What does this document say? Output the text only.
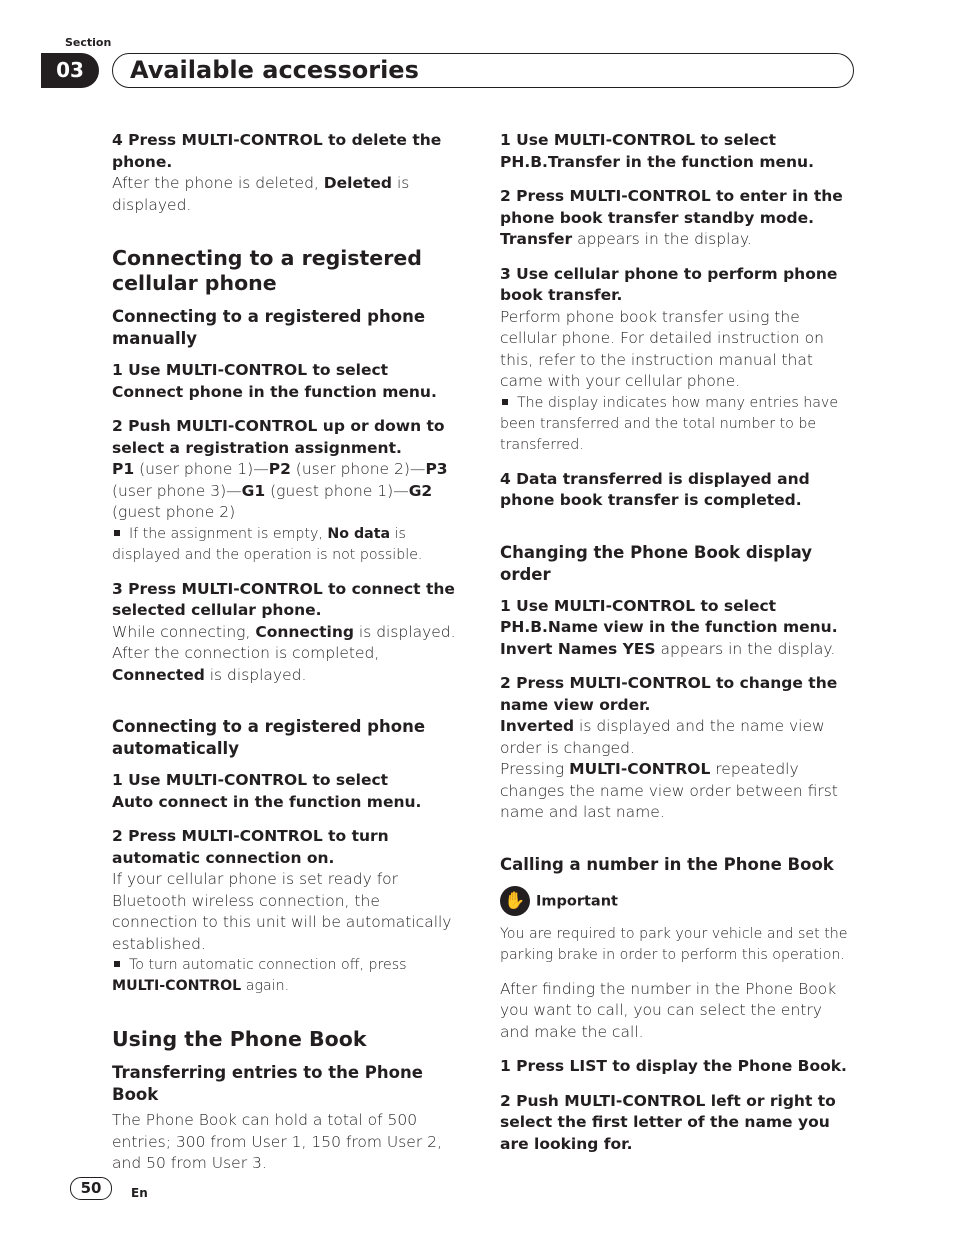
Section
03	Available accessories

4 Press MULTI-CONTROL to delete the phone.

After the phone is deleted, Deleted is displayed.

Connecting to a registered cellular phone

Connecting to a registered phone manually

1 Use MULTI-CONTROL to select
Connect phone in the function menu.

2 Push MULTI-CONTROL up or down to select a registration assignment.

P1 (user phone 1)—P2 (user phone 2)—P3 (user phone 3)—G1 (guest phone 1)—G2 (guest phone 2)

If the assignment is empty, No data is displayed and the operation is not possible.

3 Press MULTI-CONTROL to connect the selected cellular phone.

While connecting, Connecting is displayed. After the connection is completed, Connected is displayed.

Connecting to a registered phone automatically

1 Use MULTI-CONTROL to select
Auto connect in the function menu.

2 Press MULTI-CONTROL to turn automatic connection on.

If your cellular phone is set ready for Bluetooth wireless connection, the connection to this unit will be automatically established.

To turn automatic connection off, press
MULTI-CONTROL again.

Using the Phone Book

Transferring entries to the Phone Book

The Phone Book can hold a total of 500 entries; 300 from User 1, 150 from User 2, and 50 from User 3.

1 Use MULTI-CONTROL to select
PH.B.Transfer in the function menu.

2 Press MULTI-CONTROL to enter in the phone book transfer standby mode.

Transfer appears in the display.

3 Use cellular phone to perform phone book transfer.

Perform phone book transfer using the cellular phone. For detailed instruction on this, refer to the instruction manual that came with your cellular phone.

The display indicates how many entries have been transferred and the total number to be transferred.

4 Data transferred is displayed and phone book transfer is completed.

Changing the Phone Book display order

1 Use MULTI-CONTROL to select
PH.B.Name view in the function menu.

Invert Names YES appears in the display.

2 Press MULTI-CONTROL to change the name view order.

Inverted is displayed and the name view order is changed.
Pressing MULTI-CONTROL repeatedly changes the name view order between first name and last name.

Calling a number in the Phone Book

✋ Important

You are required to park your vehicle and set the parking brake in order to perform this operation.

After finding the number in the Phone Book you want to call, you can select the entry and make the call.

1 Press LIST to display the Phone Book.

2 Push MULTI-CONTROL left or right to select the first letter of the name you are looking for.

50	En
